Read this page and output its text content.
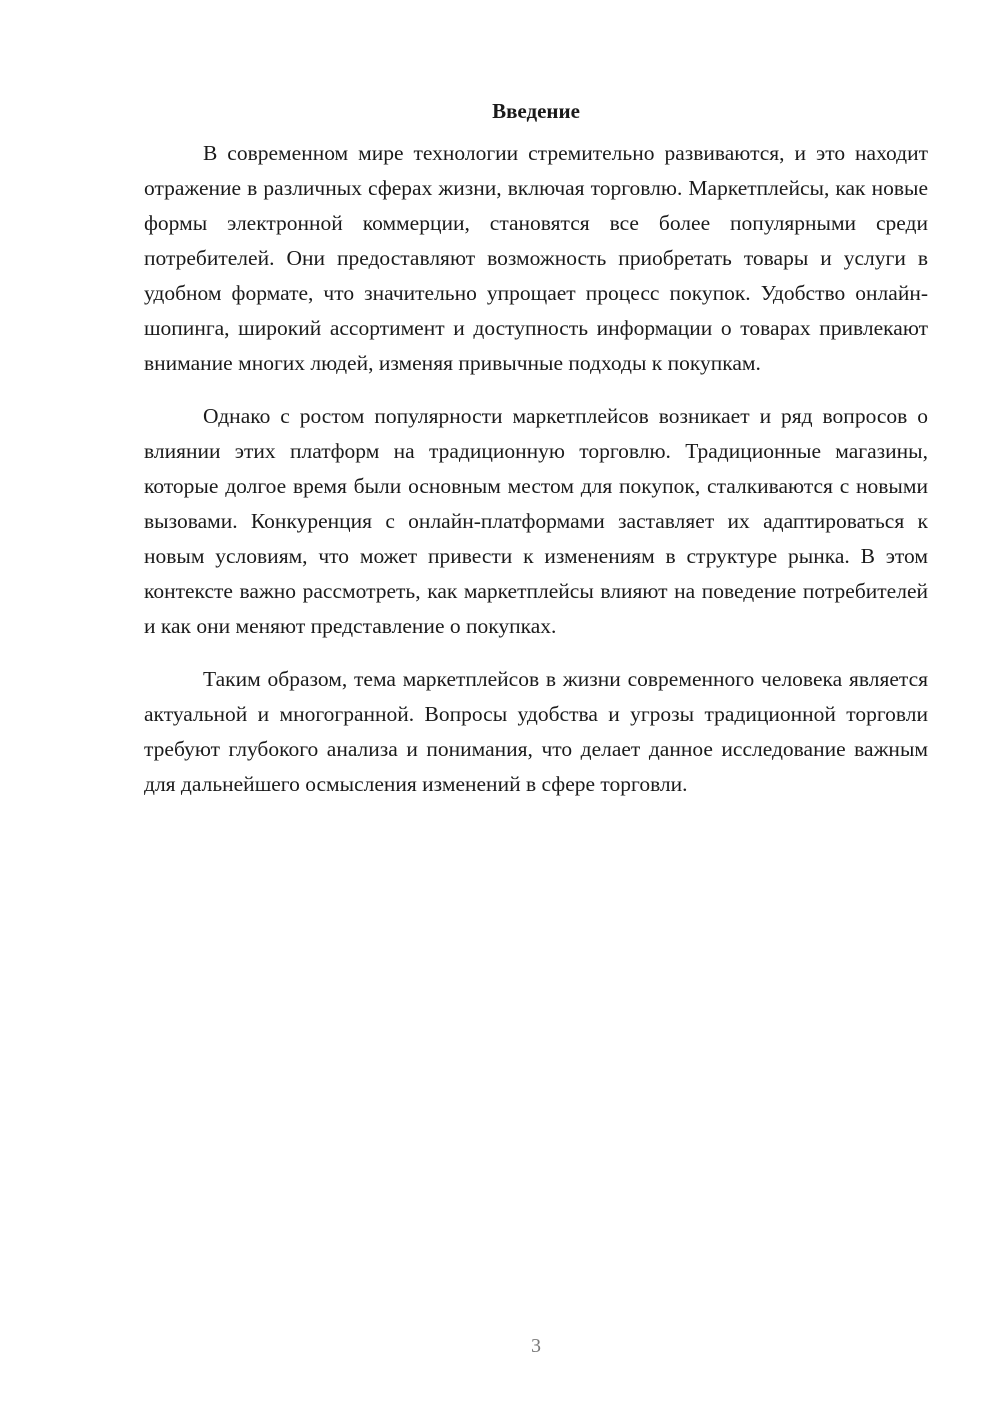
Введение

В современном мире технологии стремительно развиваются, и это находит отражение в различных сферах жизни, включая торговлю. Маркетплейсы, как новые формы электронной коммерции, становятся все более популярными среди потребителей. Они предоставляют возможность приобретать товары и услуги в удобном формате, что значительно упрощает процесс покупок. Удобство онлайн-шопинга, широкий ассортимент и доступность информации о товарах привлекают внимание многих людей, изменяя привычные подходы к покупкам.

Однако с ростом популярности маркетплейсов возникает и ряд вопросов о влиянии этих платформ на традиционную торговлю. Традиционные магазины, которые долгое время были основным местом для покупок, сталкиваются с новыми вызовами. Конкуренция с онлайн-платформами заставляет их адаптироваться к новым условиям, что может привести к изменениям в структуре рынка. В этом контексте важно рассмотреть, как маркетплейсы влияют на поведение потребителей и как они меняют представление о покупках.

Таким образом, тема маркетплейсов в жизни современного человека является актуальной и многогранной. Вопросы удобства и угрозы традиционной торговли требуют глубокого анализа и понимания, что делает данное исследование важным для дальнейшего осмысления изменений в сфере торговли.

3
